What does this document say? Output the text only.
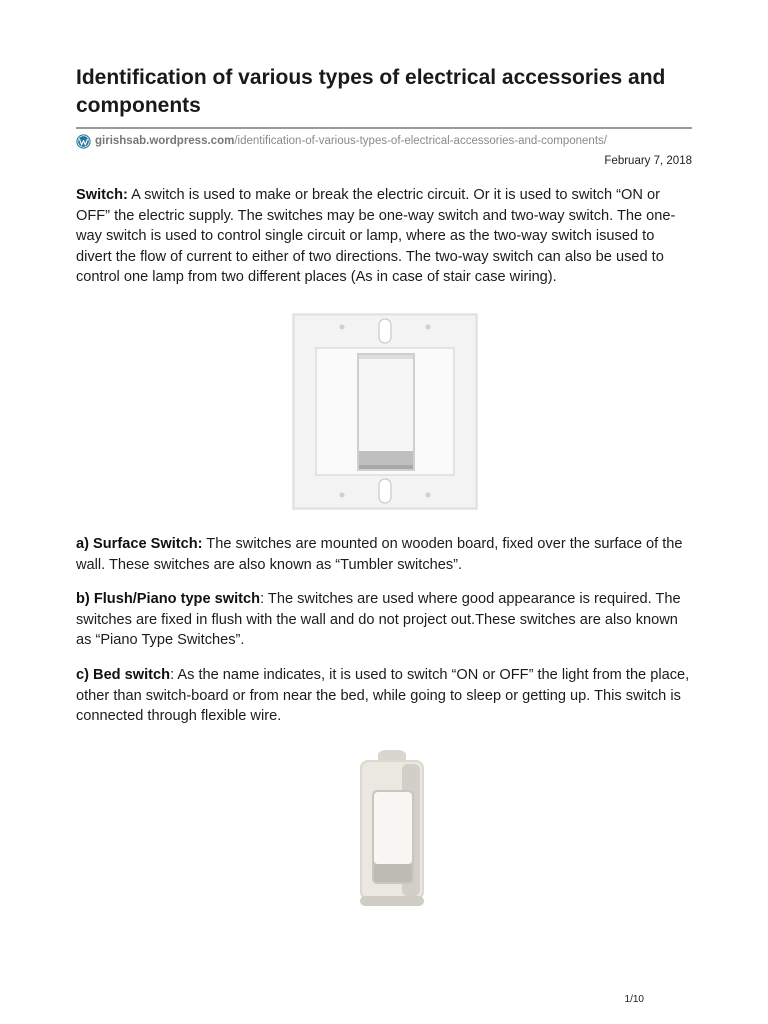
Identification of various types of electrical accessories and components
girishsab.wordpress.com /identification-of-various-types-of-electrical-accessories-and-components/
February 7, 2018

Switch: A switch is used to make or break the electric circuit. Or it is used to switch “ON or OFF” the electric supply. The switches may be one-way switch and two-way switch. The one-way switch is used to control single circuit or lamp, where as the two-way switch isused to divert the flow of current to either of two directions. The two-way switch can also be used to control one lamp from two different places (As in case of stair case wiring).

a) Surface Switch: The switches are mounted on wooden board, fixed over the surface of the wall. These switches are also known as “Tumbler switches”.

b) Flush/Piano type switch: The switches are used where good appearance is required. The switches are fixed in flush with the wall and do not project out.These switches are also known as “Piano Type Switches”.

c) Bed switch: As the name indicates, it is used to switch “ON or OFF” the light from the place, other than switch-board or from near the bed, while going to sleep or getting up. This switch is connected through flexible wire.

1/10
